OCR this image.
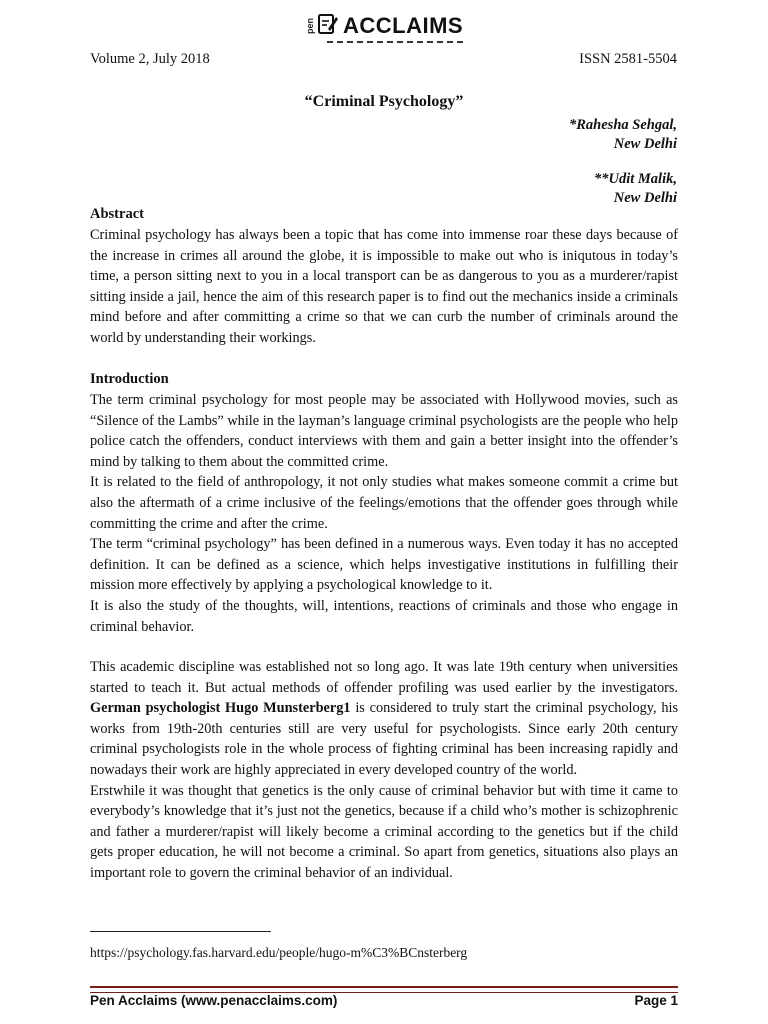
pen ACCLAIMS
Volume 2, July 2018	ISSN 2581-5504
“Criminal Psychology”
*Rahesha Sehgal,
New Delhi
**Udit Malik,
New Delhi
Abstract

Criminal psychology has always been a topic that has come into immense roar these days because of the increase in crimes all around the globe, it is impossible to make out who is iniqutous in today’s time, a person sitting next to you in a local transport can be as dangerous to you as a murderer/rapist sitting inside a jail, hence the aim of this research paper is to find out the mechanics inside a criminals mind before and after committing a crime so that we can curb the number of criminals around the world by understanding their workings.

Introduction

The term criminal psychology for most people may be associated with Hollywood movies, such as “Silence of the Lambs” while in the layman’s language criminal psychologists are the people who help police catch the offenders, conduct interviews with them and gain a better insight into the offender’s mind by talking to them about the committed crime.

It is related to the field of anthropology, it not only studies what makes someone commit a crime but also the aftermath of a crime inclusive of the feelings/emotions that the offender goes through while committing the crime and after the crime.

The term “criminal psychology” has been defined in a numerous ways. Even today it has no accepted definition. It can be defined as a science, which helps investigative institutions in fulfilling their mission more effectively by applying a psychological knowledge to it.

It is also the study of the thoughts, will, intentions, reactions of criminals and those who engage in criminal behavior.

This academic discipline was established not so long ago. It was late 19th century when universities started to teach it. But actual methods of offender profiling was used earlier by the investigators. German psychologist Hugo Munsterberg1 is considered to truly start the criminal psychology, his works from 19th-20th centuries still are very useful for psychologists. Since early 20th century criminal psychologists role in the whole process of fighting criminal has been increasing rapidly and nowadays their work are highly appreciated in every developed country of the world.

Erstwhile it was thought that genetics is the only cause of criminal behavior but with time it came to everybody’s knowledge that it’s just not the genetics, because if a child who’s mother is schizophrenic and father a murderer/rapist will likely become a criminal according to the genetics but if the child gets proper education, he will not become a criminal. So apart from genetics, situations also plays an important role to govern the criminal behavior of an individual.

https://psychology.fas.harvard.edu/people/hugo-m%C3%BCnsterberg
Pen Acclaims (www.penacclaims.com)	Page 1
